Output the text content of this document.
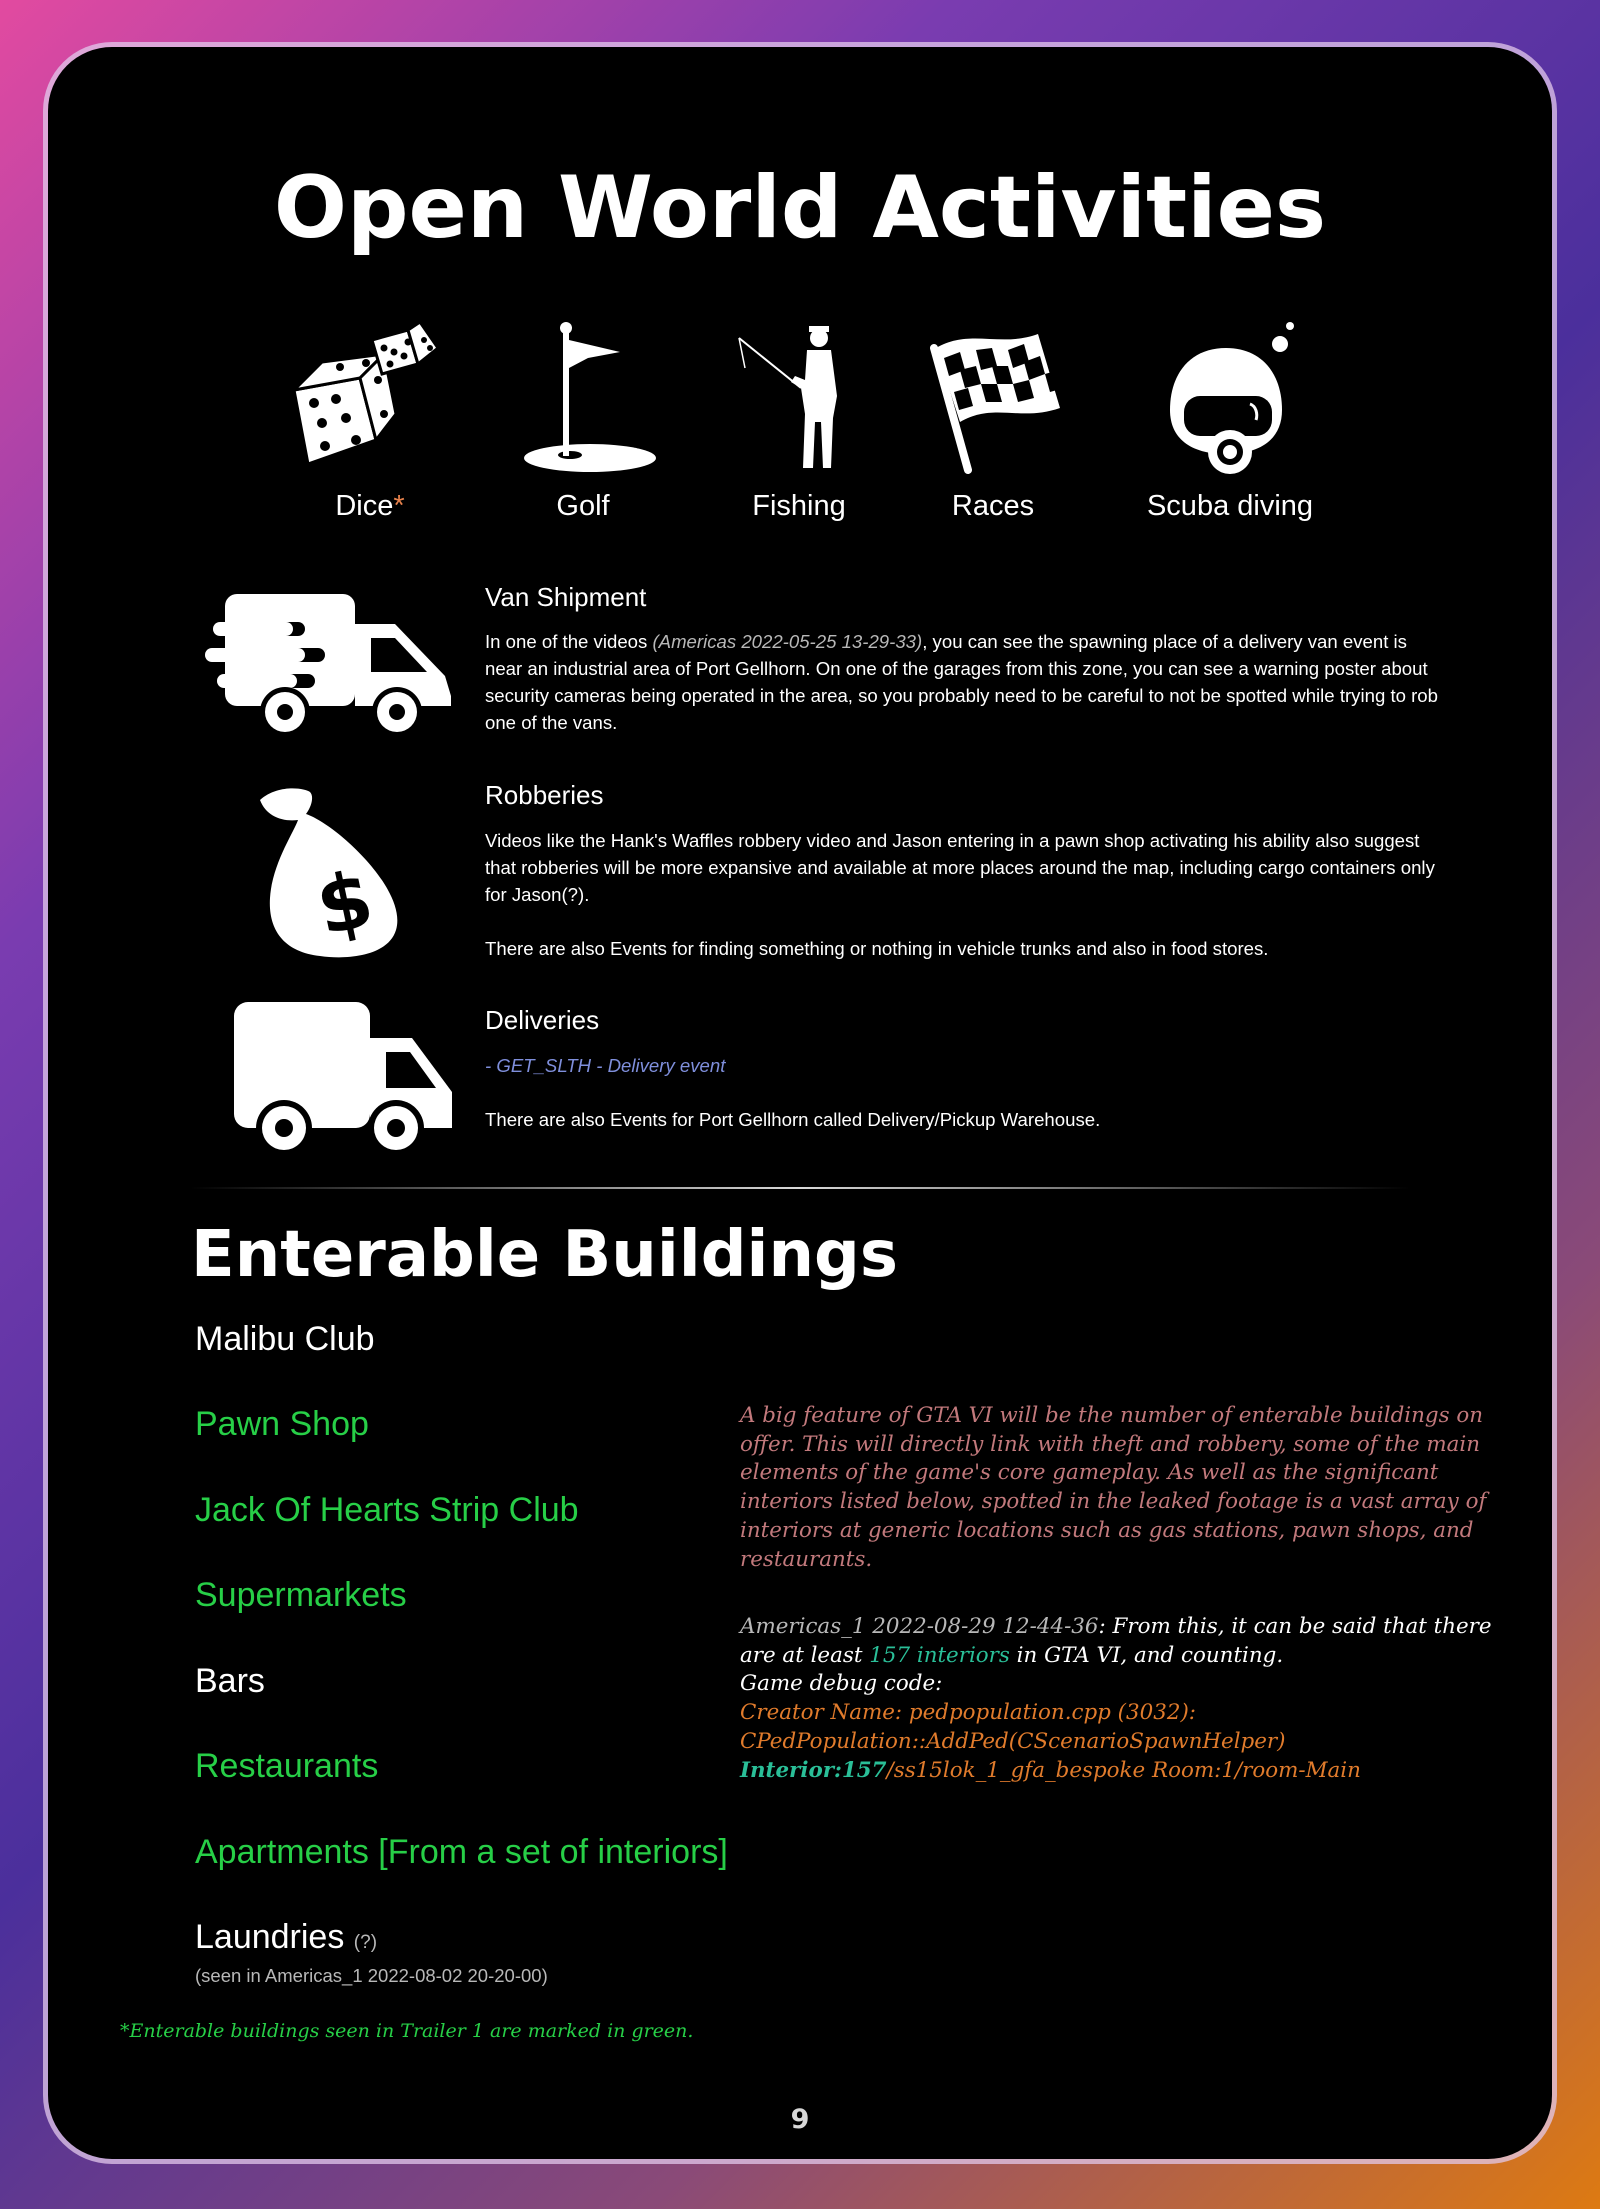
Open World Activities
Dice*	Golf	Fishing	Races	Scuba diving
Van Shipment
In one of the videos (Americas 2022-05-25 13-29-33), you can see the spawning place of a delivery van event is near an industrial area of Port Gellhorn. On one of the garages from this zone, you can see a warning poster about security cameras being operated in the area, so you probably need to be careful to not be spotted while trying to rob one of the vans.
$
Robberies
Videos like the Hank's Waffles robbery video and Jason entering in a pawn shop activating his ability also suggest that robberies will be more expansive and available at more places around the map, including cargo containers only for Jason(?).
There are also Events for finding something or nothing in vehicle trunks and also in food stores.
Deliveries
- GET_SLTH - Delivery event
There are also Events for Port Gellhorn called Delivery/Pickup Warehouse.
Enterable Buildings
Malibu Club
Pawn Shop
Jack Of Hearts Strip Club
Supermarkets
Bars
Restaurants
Apartments [From a set of interiors]
Laundries (?)
(seen in Americas_1 2022-08-02 20-20-00)
*Enterable buildings seen in Trailer 1 are marked in green.
A big feature of GTA VI will be the number of enterable buildings on offer. This will directly link with theft and robbery, some of the main elements of the game's core gameplay. As well as the significant interiors listed below, spotted in the leaked footage is a vast array of interiors at generic locations such as gas stations, pawn shops, and restaurants.
Americas_1 2022-08-29 12-44-36: From this, it can be said that there are at least 157 interiors in GTA VI, and counting.
Game debug code:
Creator Name: pedpopulation.cpp (3032): CPedPopulation::AddPed(CScenarioSpawnHelper)
Interior:157/ss15lok_1_gfa_bespoke Room:1/room-Main
9
